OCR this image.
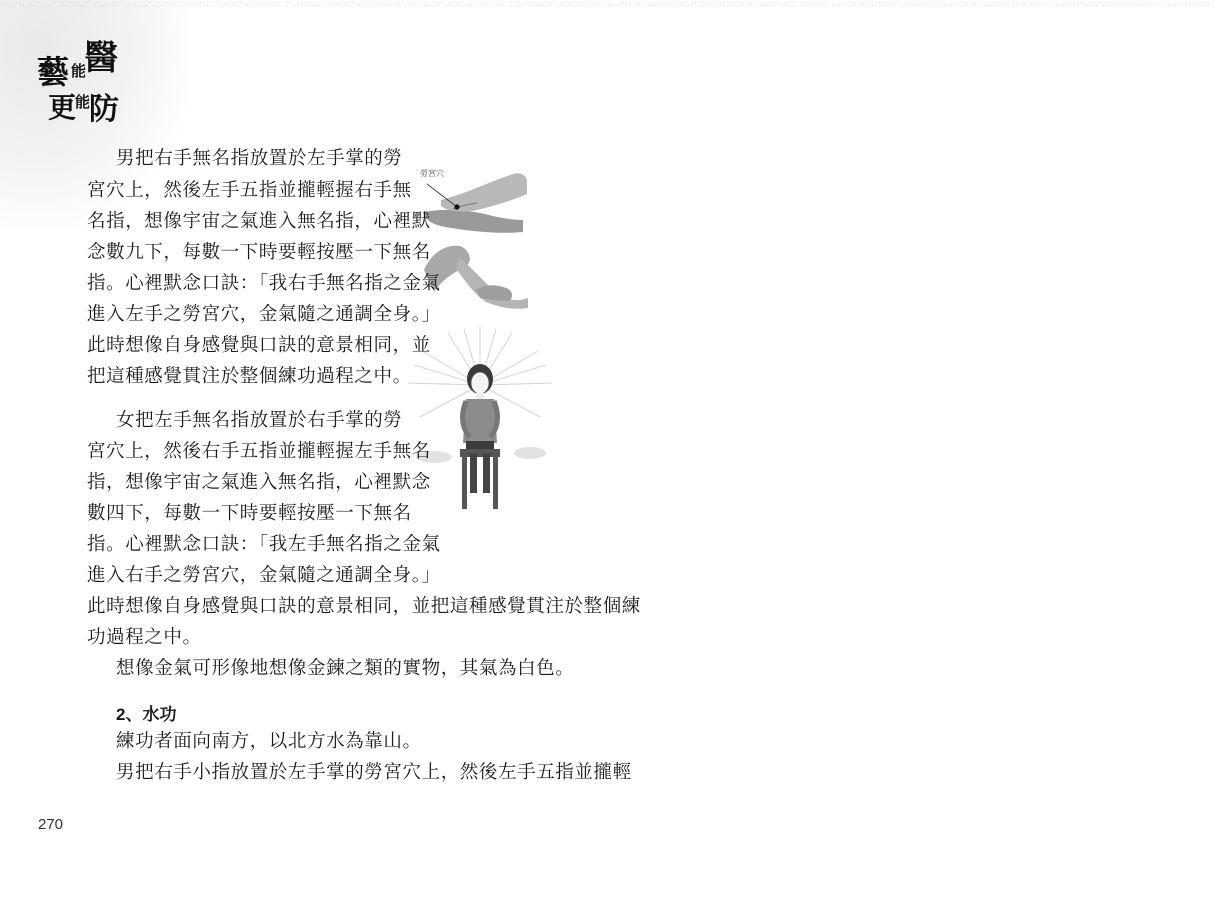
::.:'::.::'.:.::.::'::.:'.::.:.::'::.:.::'.:.::'::.:.::'::.:'::.::'.:.::.::'::.:'.::.:.::'::.:.::'.:.::'::.:.::'::.:'::.::'.:.::.::'::.:'.::.:.::'::.:.::'.:.::'::.:.::'::.:'::.::'.:.::.::'::.:'.::.:.::'::.:.::'.:.::'::.:.::'::.:'::.::'.:.::.::'::.:'.::.:.::'::.:.::'.:.::'::.:.::'::.:'::.::'.:.::.::'::.:'.::.:.::'::.:.::'.:.::'::.:.::'
醫
能
藝
能
更 防
勞宮穴
男把右手無名指放置於左手掌的勞
宮穴上，然後左手五指並攏輕握右手無
名指，想像宇宙之氣進入無名指，心裡默
念數九下，每數一下時要輕按壓一下無名
指。心裡默念口訣：「我右手無名指之金氣
進入左手之勞宮穴，金氣隨之通調全身。」
此時想像自身感覺與口訣的意景相同，並
把這種感覺貫注於整個練功過程之中。
女把左手無名指放置於右手掌的勞
宮穴上，然後右手五指並攏輕握左手無名
指，想像宇宙之氣進入無名指，心裡默念
數四下，每數一下時要輕按壓一下無名
指。心裡默念口訣：「我左手無名指之金氣
進入右手之勞宮穴，金氣隨之通調全身。」
此時想像自身感覺與口訣的意景相同，並把這種感覺貫注於整個練
功過程之中。
想像金氣可形像地想像金鍊之類的實物，其氣為白色。
2、水功
練功者面向南方，以北方水為靠山。
男把右手小指放置於左手掌的勞宮穴上，然後左手五指並攏輕
270
